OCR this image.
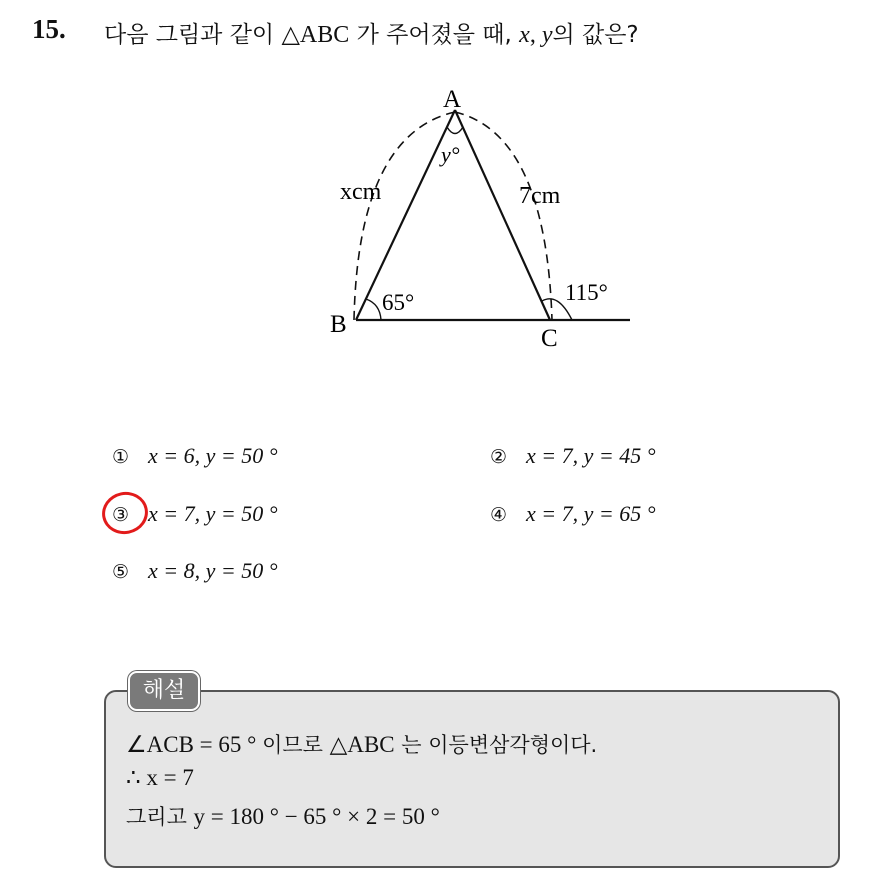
15. 다음 그림과 같이 △ABC 가 주어졌을 때, x, y의 값은?
A
B
C
y°
xcm	7cm
65°	115°
① x = 6, y = 50 °	② x = 7, y = 45 °
③ x = 7, y = 50 °	④ x = 7, y = 65 °
⑤ x = 8, y = 50 °
해설
∠ACB = 65 ° 이므로 △ABC 는 이등변삼각형이다.
∴ x = 7
그리고 y = 180 ° − 65 ° × 2 = 50 °
